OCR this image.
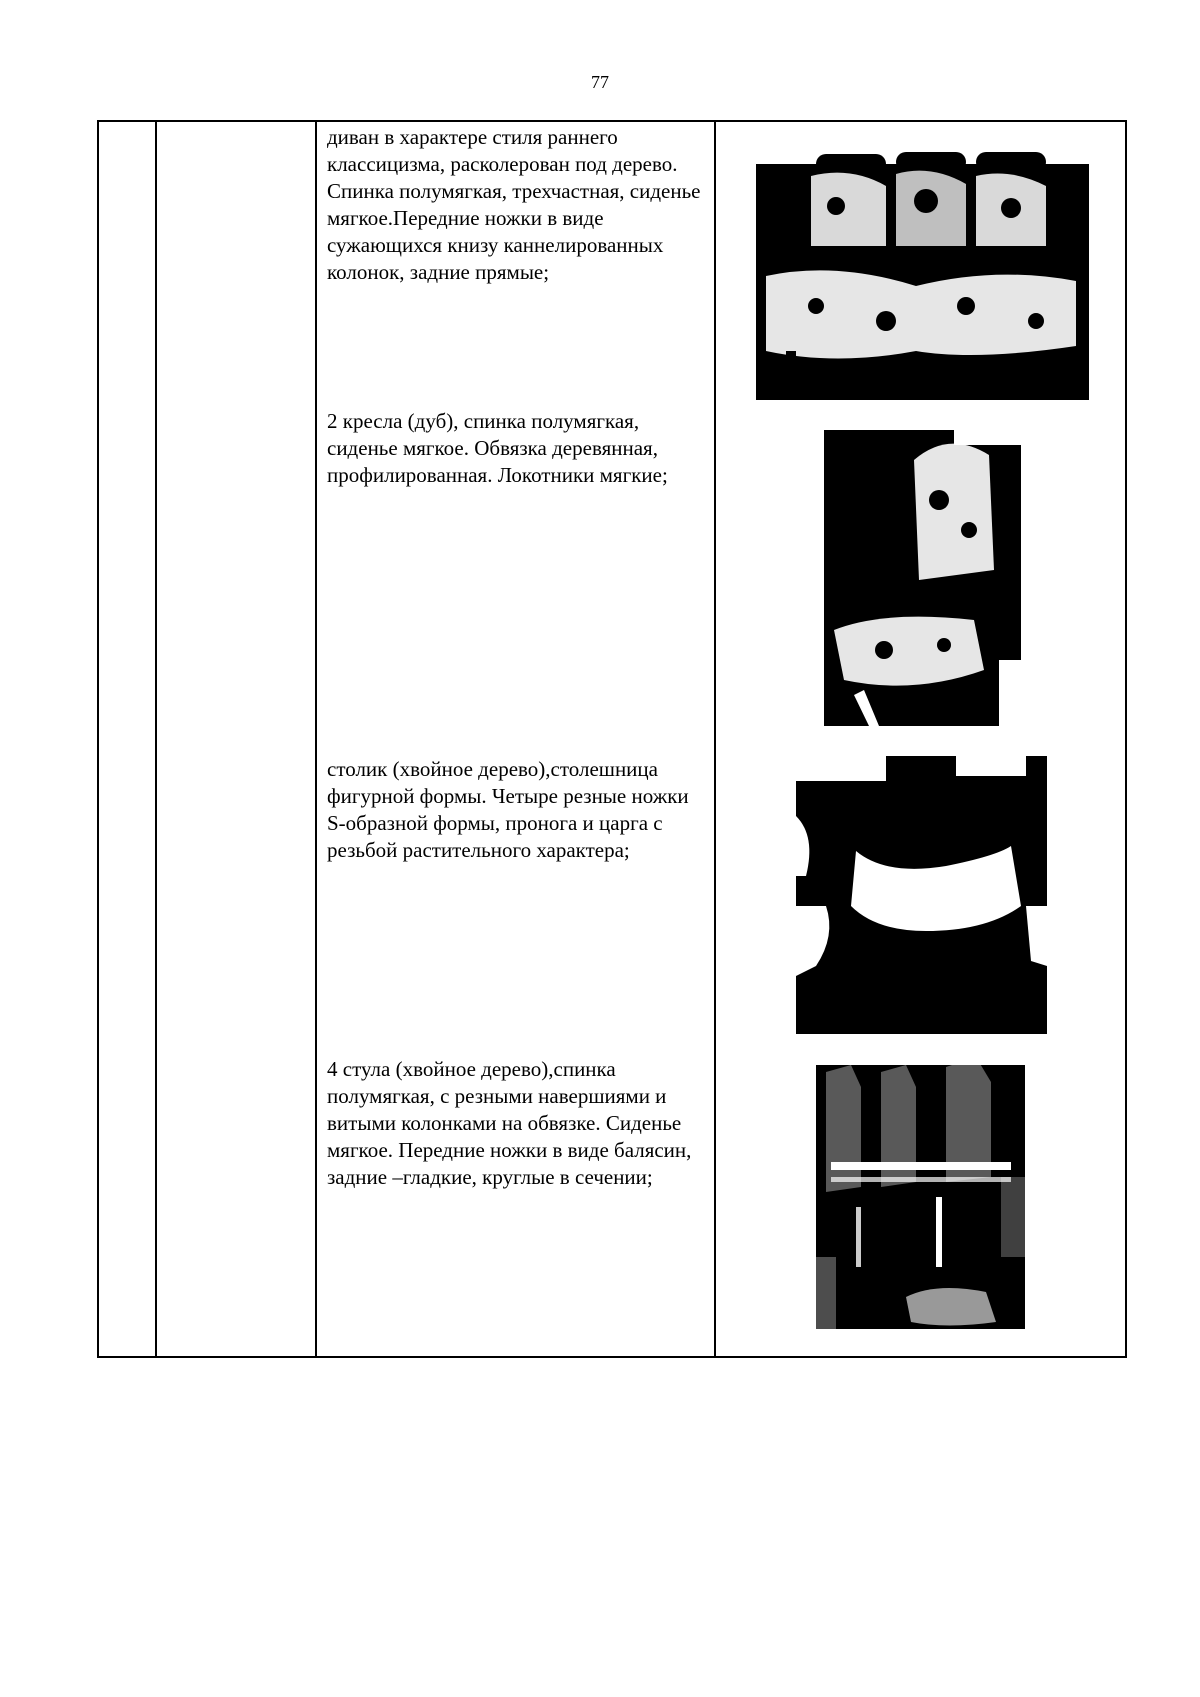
77
диван в характере стиля раннего классицизма, расколерован под дерево. Спинка полумягкая, трехчастная, сиденье мягкое.Передние ножки в виде сужающихся книзу каннелированных колонок, задние прямые;
2 кресла (дуб), спинка полумягкая, сиденье мягкое. Обвязка деревянная, профилированная. Локотники мягкие;
столик (хвойное дерево),столешница фигурной формы. Четыре резные ножки S-образной формы, пронога и царга с резьбой растительного характера;
4 стула (хвойное дерево),спинка полумягкая, с резными навершиями и витыми колонками на обвязке. Сиденье мягкое. Передние ножки в виде балясин, задние –гладкие, круглые в сечении;
